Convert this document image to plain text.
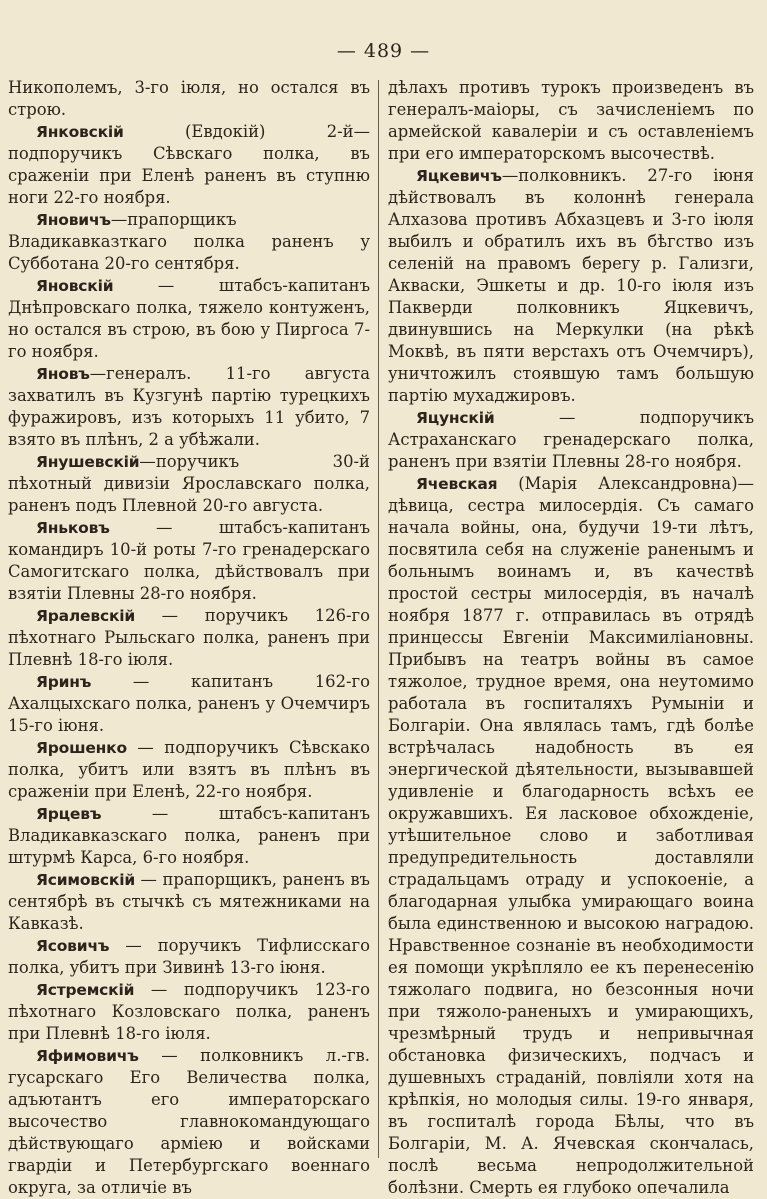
— 489 —

Никополемъ, 3-го іюля, но остался въ строю.

Янковскій (Евдокій) 2-й—подпоручикъ Сѣвскаго полка, въ сраженіи при Еленѣ раненъ въ ступню ноги 22-го ноября.

Яновичъ—прапорщикъ Владикавказткаго полка раненъ у Субботана 20-го сентября.

Яновскій — штабсъ-капитанъ Днѣпровскаго полка, тяжело контуженъ, но остался въ строю, въ бою у Пиргоса 7-го ноября.

Яновъ—генералъ. 11-го августа захватилъ въ Кузгунѣ партію турецкихъ фуражировъ, изъ которыхъ 11 убито, 7 взято въ плѣнъ, 2 а убѣжали.

Янушевскій—поручикъ 30-й пѣхотный дивизіи Ярославскаго полка, раненъ подъ Плевной 20-го августа.

Яньковъ — штабсъ-капитанъ командиръ 10-й роты 7-го гренадерскаго Самогитскаго полка, дѣйствовалъ при взятіи Плевны 28-го ноября.

Яралевскій — поручикъ 126-го пѣхотнаго Рыльскаго полка, раненъ при Плевнѣ 18-го іюля.

Яринъ — капитанъ 162-го Ахалцыхскаго полка, раненъ у Очемчиръ 15-го іюня.

Ярошенко — подпоручикъ Сѣвскако полка, убитъ или взятъ въ плѣнъ въ сраженіи при Еленѣ, 22-го ноября.

Ярцевъ — штабсъ-капитанъ Владикавказскаго полка, раненъ при штурмѣ Карса, 6-го ноября.

Ясимовскій — прапорщикъ, раненъ въ сентябрѣ въ стычкѣ съ мятежниками на Кавказѣ.

Ясовичъ — поручикъ Тифлисскаго полка, убитъ при Зивинѣ 13-го іюня.

Ястремскій — подпоручикъ 123-го пѣхотнаго Козловскаго полка, раненъ при Плевнѣ 18-го іюля.

Яфимовичъ — полковникъ л.-гв. гусарскаго Его Величества полка, адъютантъ его императорскаго высочество главнокомандующаго дѣйствующаго арміею и войсками гвардіи и Петербургскаго военнаго округа, за отличіе въ

дѣлахъ противъ турокъ произведенъ въ генералъ-маіоры, съ зачисленіемъ по армейской кавалеріи и съ оставленіемъ при его императорскомъ высочествѣ.

Яцкевичъ—полковникъ. 27-го іюня дѣйствовалъ въ колоннѣ генерала Алхазова противъ Абхазцевъ и 3-го іюля выбилъ и обратилъ ихъ въ бѣгство изъ селеній на правомъ берегу р. Гализги, Акваски, Эшкеты и др. 10-го іюля изъ Пакверди полковникъ Яцкевичъ, двинувшись на Меркулки (на рѣкѣ Моквѣ, въ пяти верстахъ отъ Очемчиръ), уничтожилъ стоявшую тамъ большую партію мухаджировъ.

Яцунскій — подпоручикъ Астраханскаго гренадерскаго полка, раненъ при взятіи Плевны 28-го ноября.

Ячевская (Марія Александровна)—дѣвица, сестра милосердія. Съ самаго начала войны, она, будучи 19-ти лѣтъ, посвятила себя на служеніе раненымъ и больнымъ воинамъ и, въ качествѣ простой сестры милосердія, въ началѣ ноября 1877 г. отправилась въ отрядѣ принцессы Евгеніи Максимиліановны. Прибывъ на театръ войны въ самое тяжолое, трудное время, она неутомимо работала въ госпиталяхъ Румыніи и Болгаріи. Она являлась тамъ, гдѣ болѣе встрѣчалась надобность въ ея энергической дѣятельности, вызывавшей удивленіе и благодарность всѣхъ ее окружавшихъ. Ея ласковое обхожденіе, утѣшительное слово и заботливая предупредительность доставляли страдальцамъ отраду и успокоеніе, а благодарная улыбка умирающаго воина была единственною и высокою наградою. Нравственное сознаніе въ необходимости ея помощи укрѣпляло ее къ перенесенію тяжолаго подвига, но безсонныя ночи при тяжоло-раненыхъ и умирающихъ, чрезмѣрный трудъ и непривычная обстановка физическихъ, подчасъ и душевныхъ страданій, повліяли хотя на крѣпкія, но молодыя силы. 19-го января, въ госпиталѣ города Бѣлы, что въ Болгаріи, М. А. Ячевская скончалась, послѣ весьма непродолжительной болѣзни. Смерть ея глубоко опечалила
